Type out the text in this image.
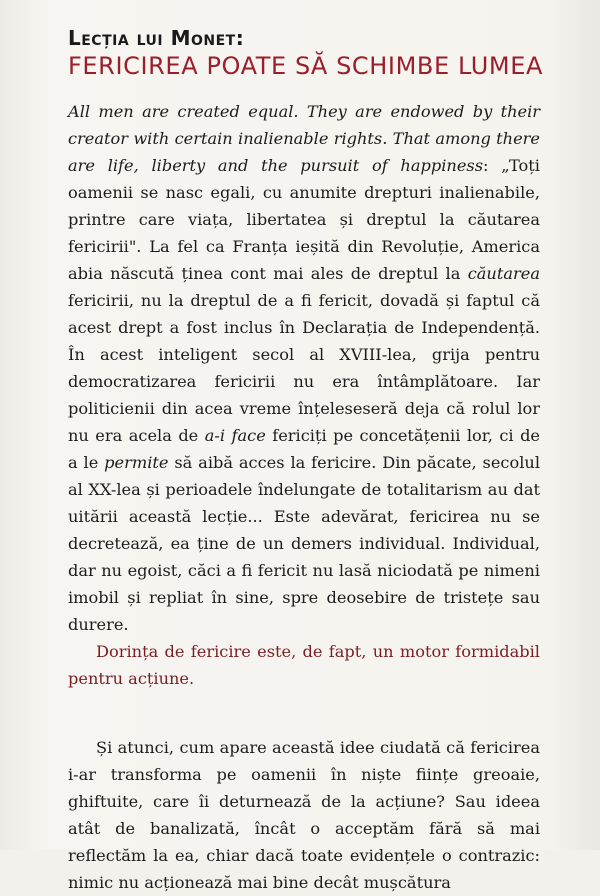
Lecția lui Monet:
FERICIREA POATE SĂ SCHIMBE LUMEA

All men are created equal. They are endowed by their creator with certain inalienable rights. That among there are life, liberty and the pursuit of happiness: „Toți oamenii se nasc egali, cu anumite drepturi inalienabile, printre care viața, libertatea și dreptul la căutarea fericirii". La fel ca Franța ieșită din Revoluție, America abia născută ținea cont mai ales de dreptul la căutarea fericirii, nu la dreptul de a fi fericit, dovadă și faptul că acest drept a fost inclus în Declarația de Independență. În acest inteligent secol al XVIII-lea, grija pentru democratizarea fericirii nu era întâmplătoare. Iar politicienii din acea vreme înțeleseseră deja că rolul lor nu era acela de a-i face fericiți pe concetățenii lor, ci de a le permite să aibă acces la fericire. Din păcate, secolul al XX-lea și perioadele îndelungate de totalitarism au dat uitării această lecție... Este adevărat, fericirea nu se decretează, ea ține de un demers individual. Individual, dar nu egoist, căci a fi fericit nu lasă niciodată pe nimeni imobil și repliat în sine, spre deosebire de tristețe sau durere.

Dorința de fericire este, de fapt, un motor formidabil pentru acțiune.

Și atunci, cum apare această idee ciudată că fericirea i-ar transforma pe oamenii în niște ființe greoaie, ghiftuite, care îi deturnează de la acțiune? Sau ideea atât de banalizată, încât o acceptăm fără să mai reflectăm la ea, chiar dacă toate evidențele o contrazic: nimic nu acționează mai bine decât mușcătura
